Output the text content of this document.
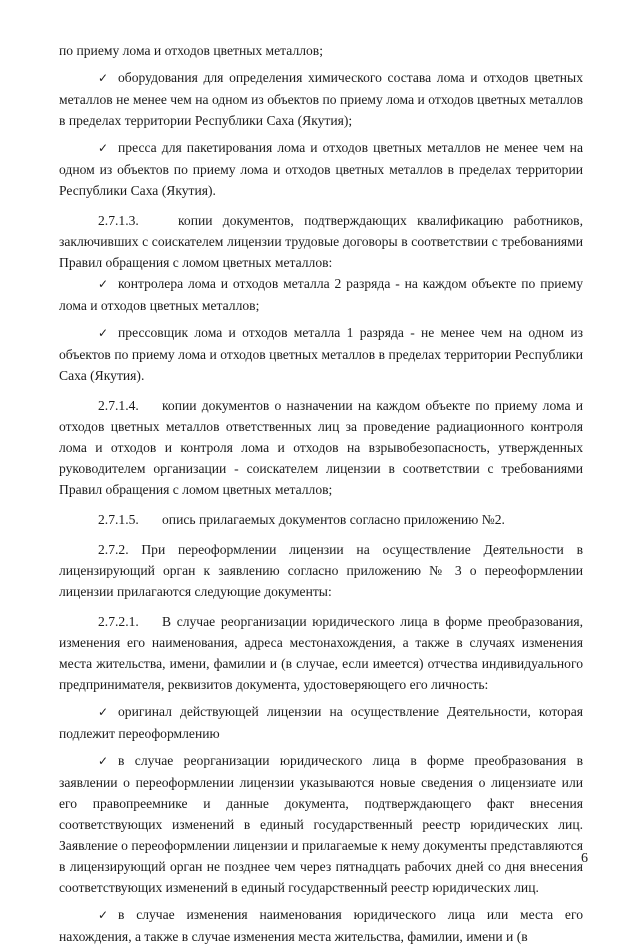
по приему лома и отходов цветных металлов;

✓ оборудования для определения химического состава лома и отходов цветных металлов не менее чем на одном из объектов по приему лома и отходов цветных металлов в пределах территории Республики Саха (Якутия);

✓ пресса для пакетирования лома и отходов цветных металлов не менее чем на одном из объектов по приему лома и отходов цветных металлов в пределах территории Республики Саха (Якутия).

2.7.1.3.	копии документов, подтверждающих квалификацию работников, заключивших с соискателем лицензии трудовые договоры в соответствии с требованиями Правил обращения с ломом цветных металлов:

✓ контролера лома и отходов металла 2 разряда - на каждом объекте по приему лома и отходов цветных металлов;

✓ прессовщик лома и отходов металла 1 разряда - не менее чем на одном из объектов по приему лома и отходов цветных металлов в пределах территории Республики Саха (Якутия).

2.7.1.4. копии документов о назначении на каждом объекте по приему лома и отходов цветных металлов ответственных лиц за проведение радиационного контроля лома и отходов и контроля лома и отходов на взрывобезопасность, утвержденных руководителем организации - соискателем лицензии в соответствии с требованиями Правил обращения с ломом цветных металлов;

2.7.1.5. опись прилагаемых документов согласно приложению №2.

2.7.2. При переоформлении лицензии на осуществление Деятельности в лицензирующий орган к заявлению согласно приложению № 3 о переоформлении лицензии прилагаются следующие документы:

2.7.2.1. В случае реорганизации юридического лица в форме преобразования, изменения его наименования, адреса местонахождения, а также в случаях изменения места жительства, имени, фамилии и (в случае, если имеется) отчества индивидуального предпринимателя, реквизитов документа, удостоверяющего его личность:

✓ оригинал действующей лицензии на осуществление Деятельности, которая подлежит переоформлению

✓ в случае реорганизации юридического лица в форме преобразования в заявлении о переоформлении лицензии указываются новые сведения о лицензиате или его правопреемнике и данные документа, подтверждающего факт внесения соответствующих изменений в единый государственный реестр юридических лиц. Заявление о переоформлении лицензии и прилагаемые к нему документы представляются в лицензирующий орган не позднее чем через пятнадцать рабочих дней со дня внесения соответствующих изменений в единый государственный реестр юридических лиц.

✓ в случае изменения наименования юридического лица или места его нахождения, а также в случае изменения места жительства, фамилии, имени и (в

6
